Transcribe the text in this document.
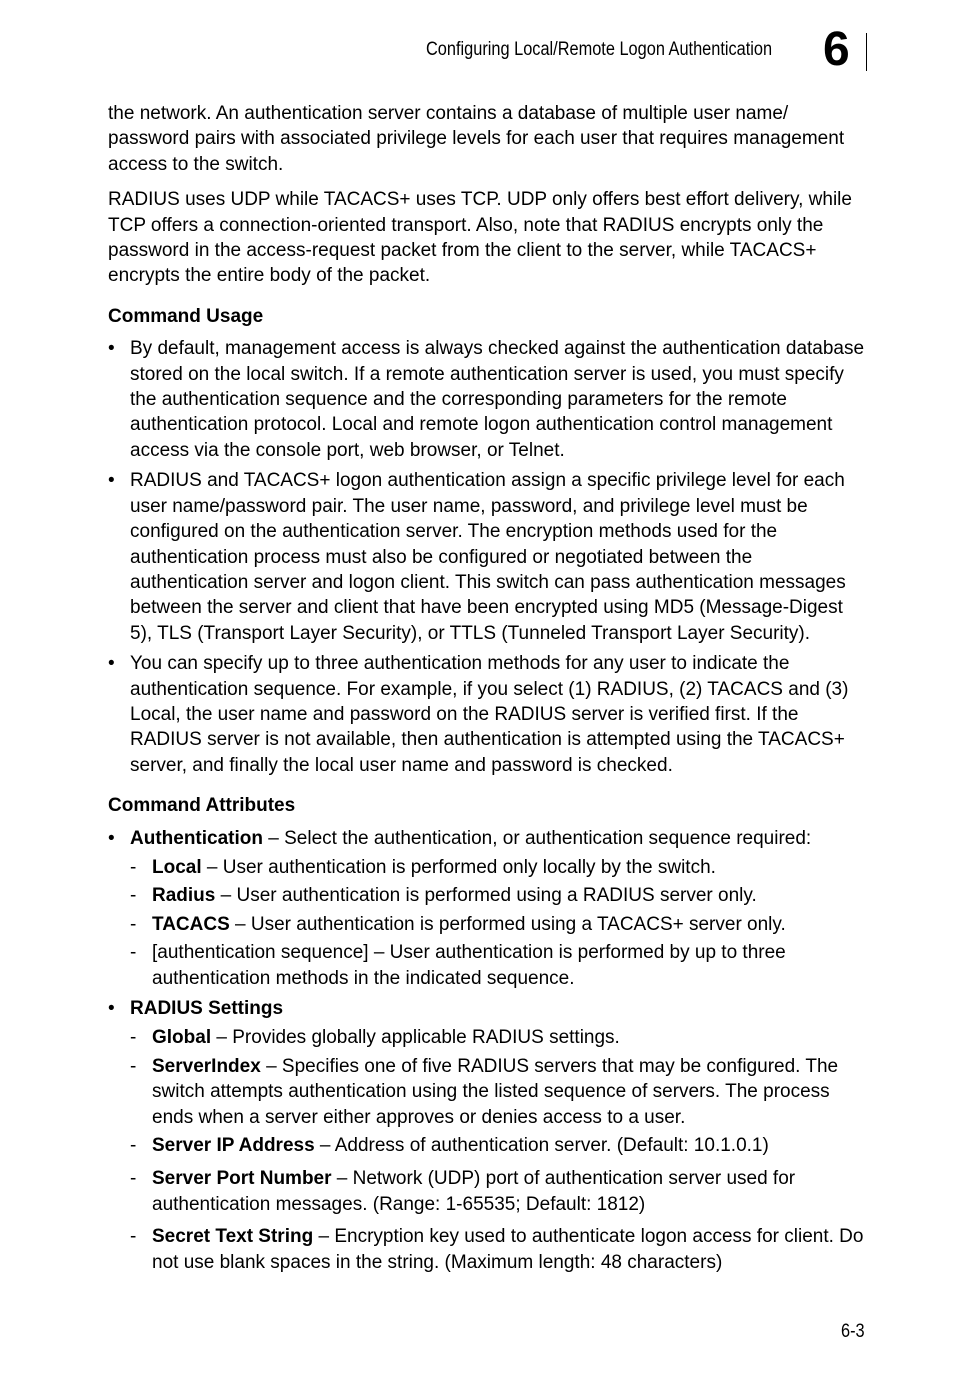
Configuring Local/Remote Logon Authentication 6

the network. An authentication server contains a database of multiple user name/ password pairs with associated privilege levels for each user that requires management access to the switch.

RADIUS uses UDP while TACACS+ uses TCP. UDP only offers best effort delivery, while TCP offers a connection-oriented transport. Also, note that RADIUS encrypts only the password in the access-request packet from the client to the server, while TACACS+ encrypts the entire body of the packet.

Command Usage
• By default, management access is always checked against the authentication database stored on the local switch. If a remote authentication server is used, you must specify the authentication sequence and the corresponding parameters for the remote authentication protocol. Local and remote logon authentication control management access via the console port, web browser, or Telnet.
• RADIUS and TACACS+ logon authentication assign a specific privilege level for each user name/password pair. The user name, password, and privilege level must be configured on the authentication server. The encryption methods used for the authentication process must also be configured or negotiated between the authentication server and logon client. This switch can pass authentication messages between the server and client that have been encrypted using MD5 (Message-Digest 5), TLS (Transport Layer Security), or TTLS (Tunneled Transport Layer Security).
• You can specify up to three authentication methods for any user to indicate the authentication sequence. For example, if you select (1) RADIUS, (2) TACACS and (3) Local, the user name and password on the RADIUS server is verified first. If the RADIUS server is not available, then authentication is attempted using the TACACS+ server, and finally the local user name and password is checked.
Command Attributes
• Authentication – Select the authentication, or authentication sequence required:
- Local – User authentication is performed only locally by the switch.
- Radius – User authentication is performed using a RADIUS server only.
- TACACS – User authentication is performed using a TACACS+ server only.
- [authentication sequence] – User authentication is performed by up to three authentication methods in the indicated sequence.
• RADIUS Settings
- Global – Provides globally applicable RADIUS settings.
- ServerIndex – Specifies one of five RADIUS servers that may be configured. The switch attempts authentication using the listed sequence of servers. The process ends when a server either approves or denies access to a user.
- Server IP Address – Address of authentication server. (Default: 10.1.0.1)
- Server Port Number – Network (UDP) port of authentication server used for authentication messages. (Range: 1-65535; Default: 1812)
- Secret Text String – Encryption key used to authenticate logon access for client. Do not use blank spaces in the string. (Maximum length: 48 characters)
6-3
